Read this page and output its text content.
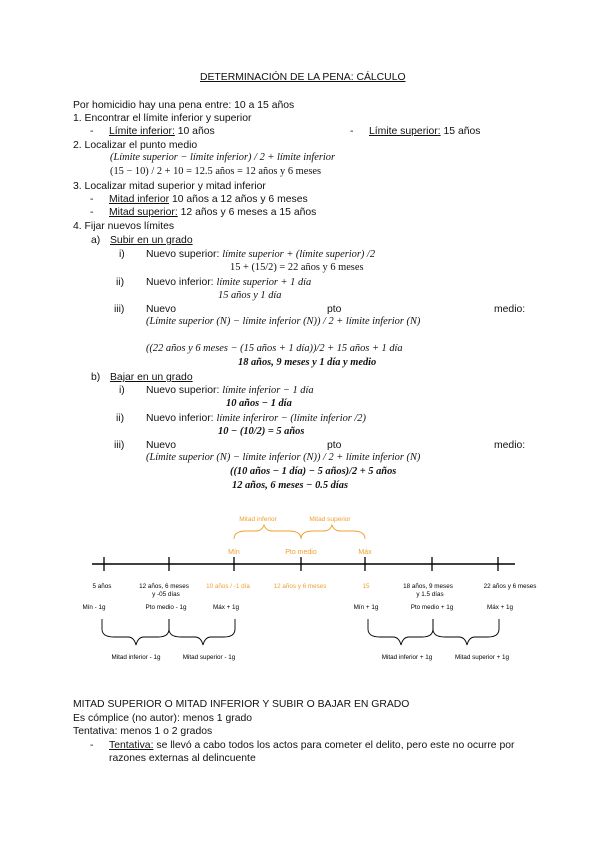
DETERMINACIÓN DE LA PENA: CÁLCULO
Por homicidio hay una pena entre: 10 a 15 años
1. Encontrar el límite inferior y superior
- Límite inferior: 10 años	- Límite superior: 15 años
2. Localizar el punto medio
(Límite superior − límite inferior) / 2 + límite inferior
(15 − 10) / 2 + 10 = 12.5 años = 12 años y 6 meses
3. Localizar mitad superior y mitad inferior
- Mitad inferior 10 años a 12 años y 6 meses
- Mitad superior: 12 años y 6 meses a 15 años
4. Fijar nuevos límites
a) Subir en un grado
i) Nuevo superior: límite superior + (límite superior) /2
15 + (15/2) = 22 años y 6 meses
ii) Nuevo inferior: límite superior + 1 día
15 años y 1 día
iii) Nuevo	pto	medio:
(Límite superior (N) − límite inferior (N)) / 2 + límite inferior (N)
((22 años y 6 meses − (15 años + 1 día))/2 + 15 años + 1 día
18 años, 9 meses y 1 día y medio
b) Bajar en un grado
i) Nuevo superior: límite inferior − 1 día
10 años − 1 día
ii) Nuevo inferior: límite inferiror − (límite inferior /2)
10 − (10/2) = 5 años
iii) Nuevo	pto	medio:
(Límite superior (N) − límite inferior (N)) / 2 + límite inferior (N)
((10 años − 1 día) − 5 años)/2 + 5 años
12 años, 6 meses − 0.5 días
Mitad inferior	Mitad superior
Mín	Pto medio	Máx
5 años	12 años, 6 meses
y -05 días
10 años / -1 día	12 años y 6 meses	15	18 años, 9 meses
y 1.5 días
22 años y 6 meses
Mín - 1g	Pto medio - 1g	Máx + 1g	Mín + 1g	Pto medio + 1g	Máx + 1g
Mitad inferior - 1g	Mitad superior - 1g	Mitad inferior + 1g	Mitad superior + 1g
MITAD SUPERIOR O MITAD INFERIOR Y SUBIR O BAJAR EN GRADO
Es cómplice (no autor): menos 1 grado
Tentativa: menos 1 o 2 grados
- Tentativa: se llevó a cabo todos los actos para cometer el delito, pero este no ocurre por
razones externas al delincuente
